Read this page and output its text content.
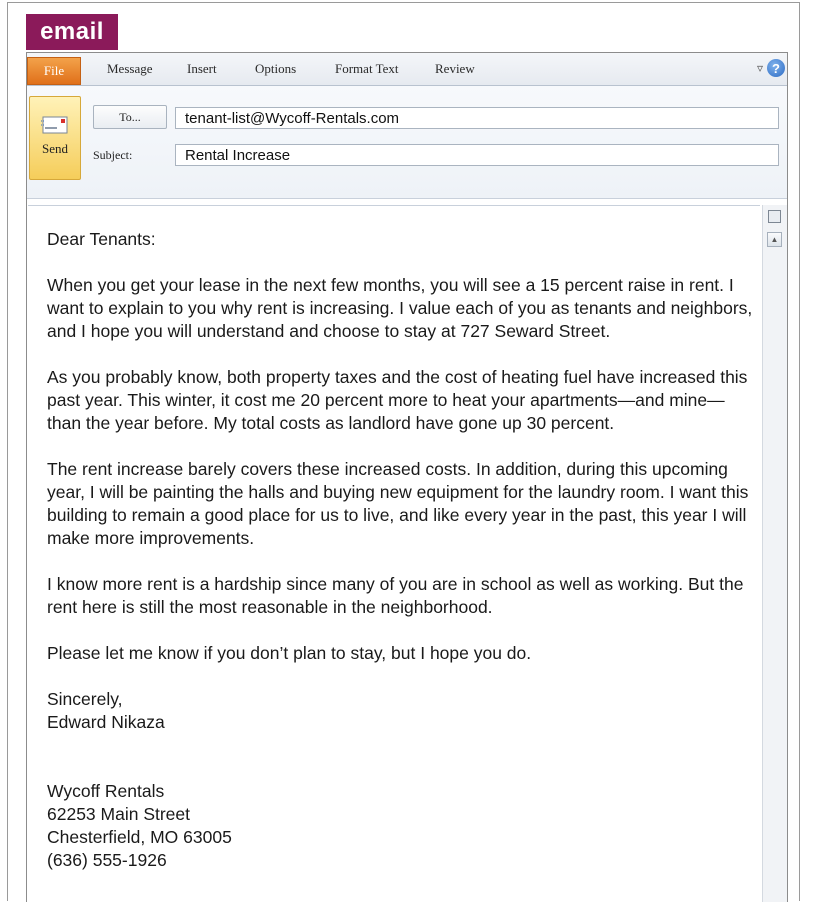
email
File	Message	Insert	Options	Format Text	Review	▿ ?
Send
To...
Subject:
tenant-list@Wycoff-Rentals.com
Rental Increase

Dear Tenants:

When you get your lease in the next few months, you will see a 15 percent raise in rent. I want to explain to you why rent is increasing. I value each of you as tenants and neighbors, and I hope you will understand and choose to stay at 727 Seward Street.

As you probably know, both property taxes and the cost of heating fuel have increased this past year. This winter, it cost me 20 percent more to heat your apartments—and mine—than the year before. My total costs as landlord have gone up 30 percent.

The rent increase barely covers these increased costs. In addition, during this upcoming year, I will be painting the halls and buying new equipment for the laundry room. I want this building to remain a good place for us to live, and like every year in the past, this year I will make more improvements.

I know more rent is a hardship since many of you are in school as well as working. But the rent here is still the most reasonable in the neighborhood.

Please let me know if you don’t plan to stay, but I hope you do.

Sincerely,
Edward Nikaza
Wycoff Rentals
62253 Main Street
Chesterfield, MO 63005
(636) 555-1926
▲
